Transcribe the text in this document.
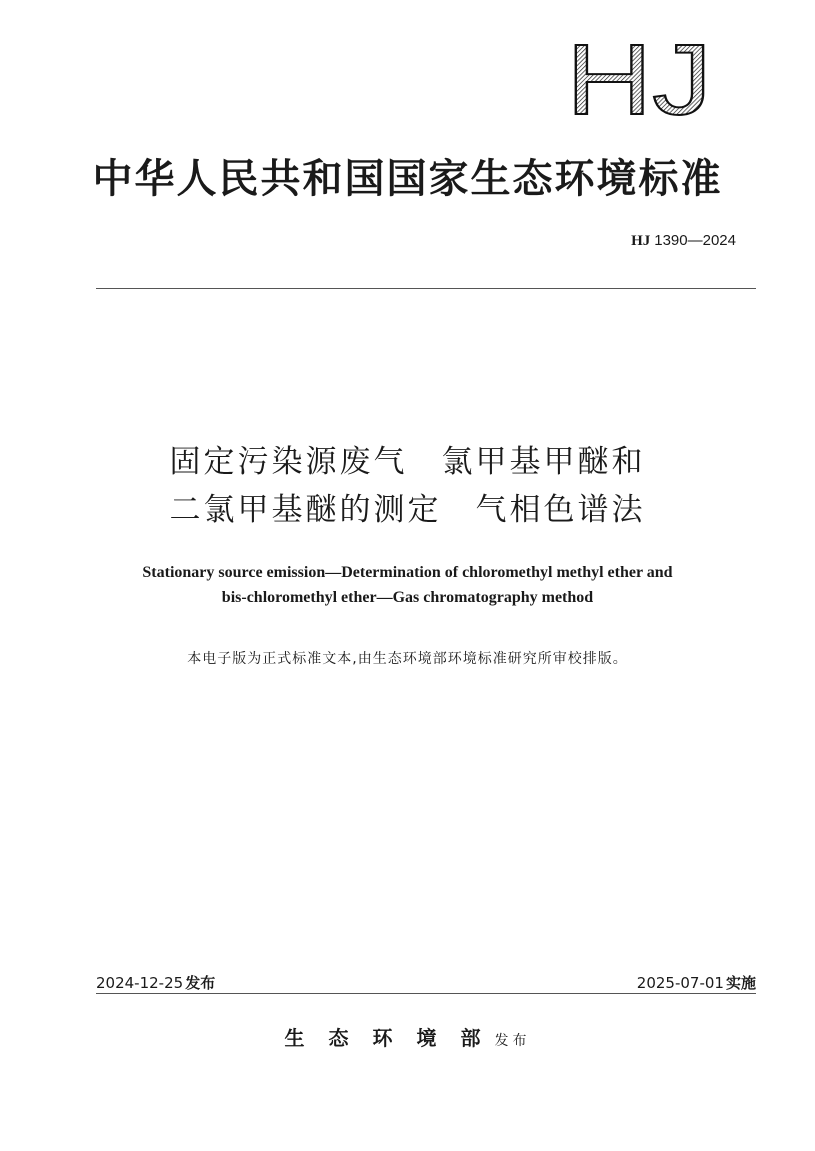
HJ
中华人民共和国国家生态环境标准
HJ 1390—2024
固定污染源废气 氯甲基甲醚和
二氯甲基醚的测定 气相色谱法
Stationary source emission—Determination of chloromethyl methyl ether and
bis-chloromethyl ether—Gas chromatography method
本电子版为正式标准文本,由生态环境部环境标准研究所审校排版。
2024-12-25 发布	2025-07-01 实施
生态环境部发布
